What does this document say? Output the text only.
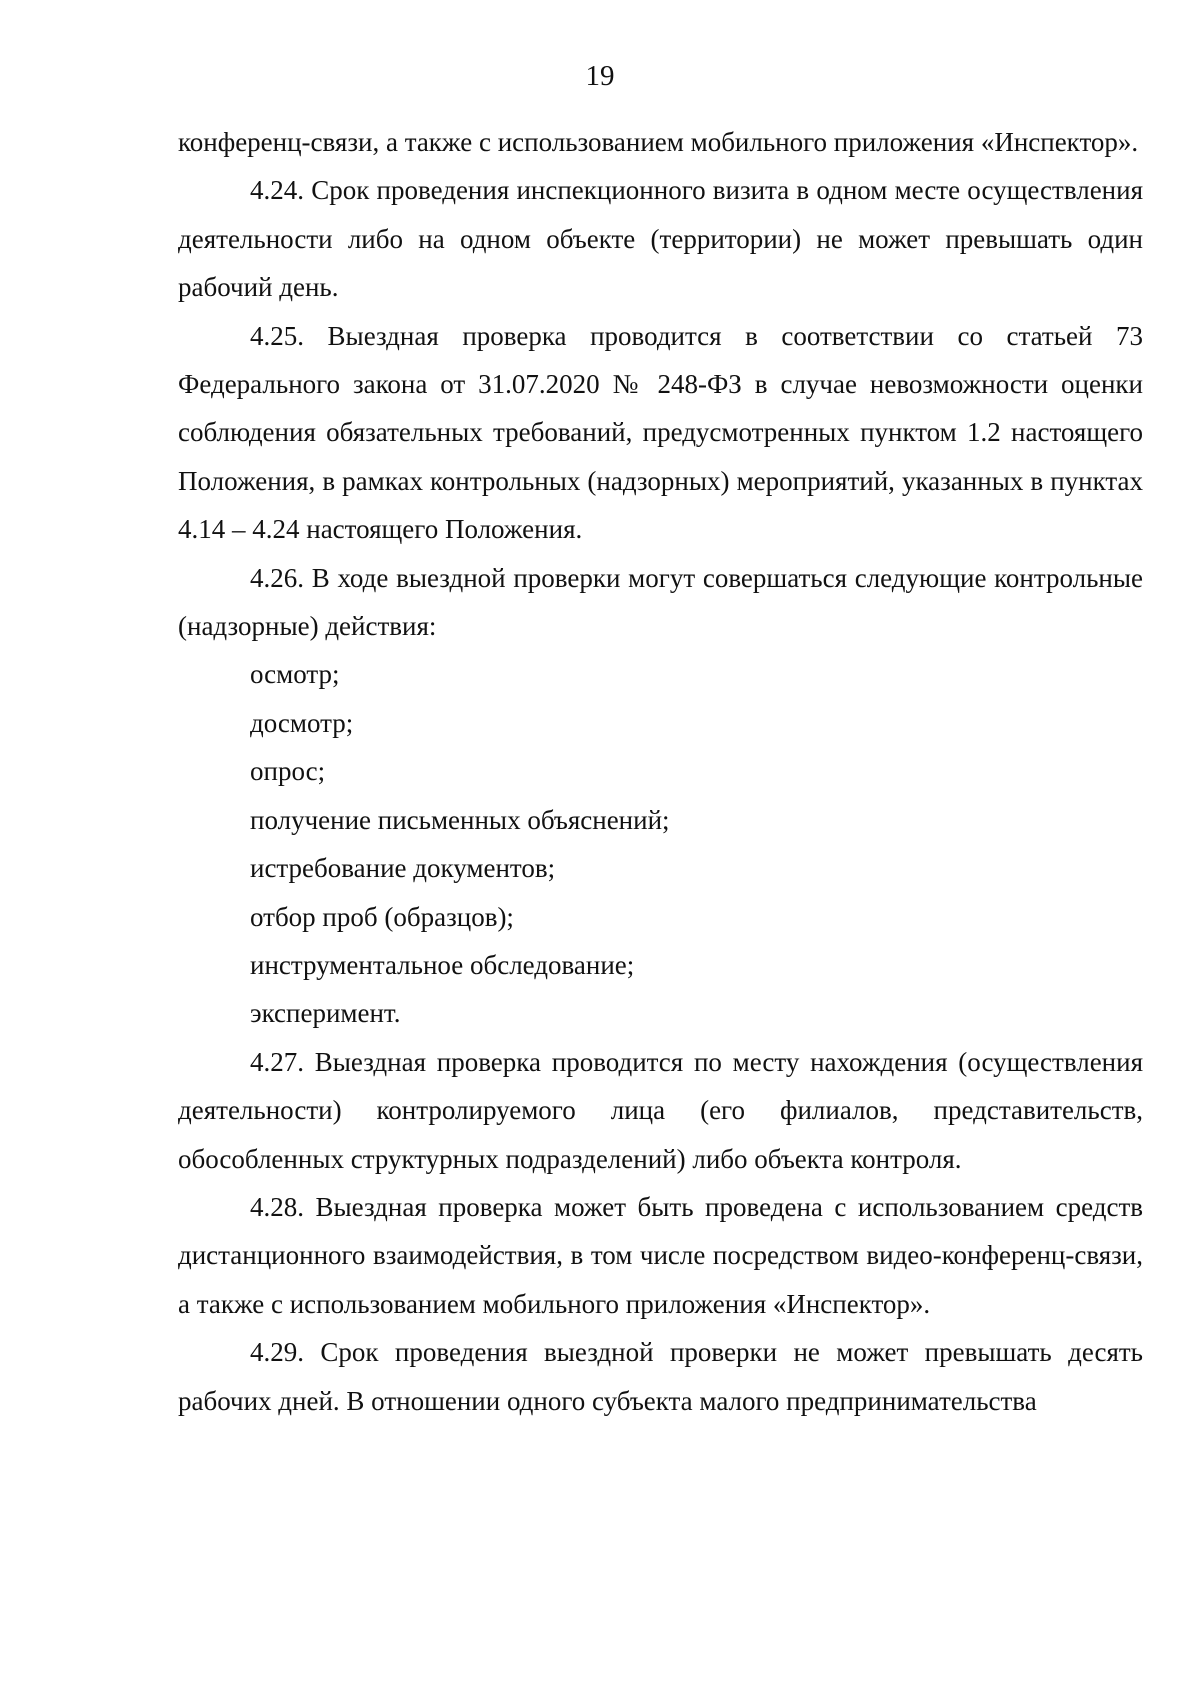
19

конференц-связи, а также с использованием мобильного приложения «Инспектор».

4.24. Срок проведения инспекционного визита в одном месте осуществления деятельности либо на одном объекте (территории) не может превышать один рабочий день.

4.25. Выездная проверка проводится в соответствии со статьей 73 Федерального закона от 31.07.2020 № 248-ФЗ в случае невозможности оценки соблюдения обязательных требований, предусмотренных пунктом 1.2 настоящего Положения, в рамках контрольных (надзорных) мероприятий, указанных в пунктах 4.14 – 4.24 настоящего Положения.

4.26. В ходе выездной проверки могут совершаться следующие контрольные (надзорные) действия:

осмотр;

досмотр;

опрос;

получение письменных объяснений;

истребование документов;

отбор проб (образцов);

инструментальное обследование;

эксперимент.

4.27. Выездная проверка проводится по месту нахождения (осуществления деятельности) контролируемого лица (его филиалов, представительств, обособленных структурных подразделений) либо объекта контроля.

4.28. Выездная проверка может быть проведена с использованием средств дистанционного взаимодействия, в том числе посредством видео-конференц-связи, а также с использованием мобильного приложения «Инспектор».

4.29. Срок проведения выездной проверки не может превышать десять рабочих дней. В отношении одного субъекта малого предпринимательства
